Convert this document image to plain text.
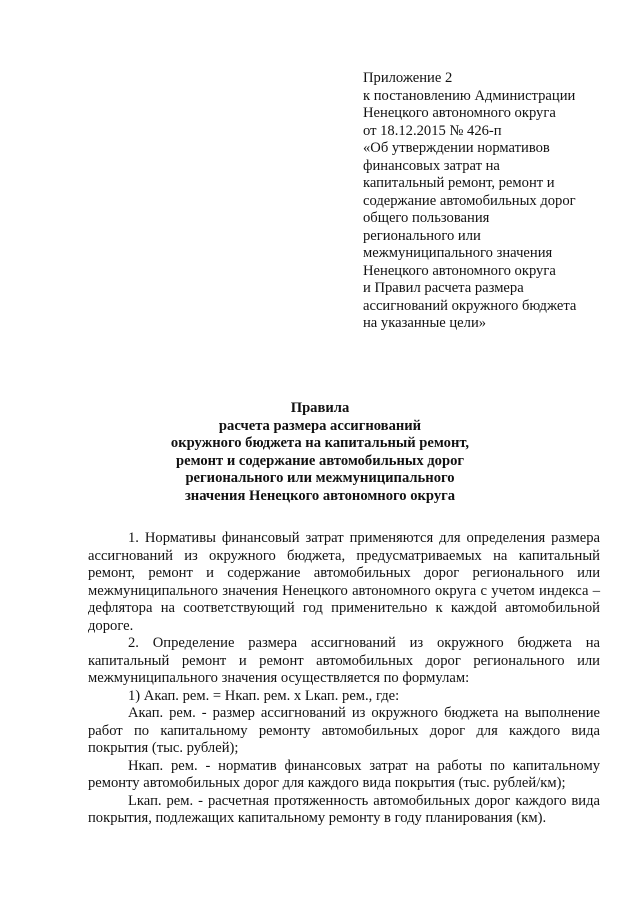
Приложение 2
к постановлению Администрации
Ненецкого автономного округа
от 18.12.2015 № 426-п
«Об утверждении нормативов
финансовых затрат на
капитальный ремонт, ремонт и
содержание автомобильных дорог
общего пользования
регионального или
межмуниципального значения
Ненецкого автономного округа
и Правил расчета размера
ассигнований окружного бюджета
на указанные цели»
Правила
расчета размера ассигнований
окружного бюджета на капитальный ремонт,
ремонт и содержание автомобильных дорог
регионального или межмуниципального
значения Ненецкого автономного округа
1. Нормативы финансовый затрат применяются для определения размера ассигнований из окружного бюджета, предусматриваемых на капитальный ремонт, ремонт и содержание автомобильных дорог регионального или межмуниципального значения Ненецкого автономного округа с учетом индекса – дефлятора на соответствующий год применительно к каждой автомобильной дороге.
2. Определение размера ассигнований из окружного бюджета на капитальный ремонт и ремонт автомобильных дорог регионального или межмуниципального значения осуществляется по формулам:
1) Акап. рем. = Нкап. рем. х Lкап. рем., где:
Акап. рем. - размер ассигнований из окружного бюджета на выполнение работ по капитальному ремонту автомобильных дорог для каждого вида покрытия (тыс. рублей);
Нкап. рем. - норматив финансовых затрат на работы по капитальному ремонту автомобильных дорог для каждого вида покрытия (тыс. рублей/км);
Lкап. рем. - расчетная протяженность автомобильных дорог каждого вида покрытия, подлежащих капитальному ремонту в году планирования (км).
